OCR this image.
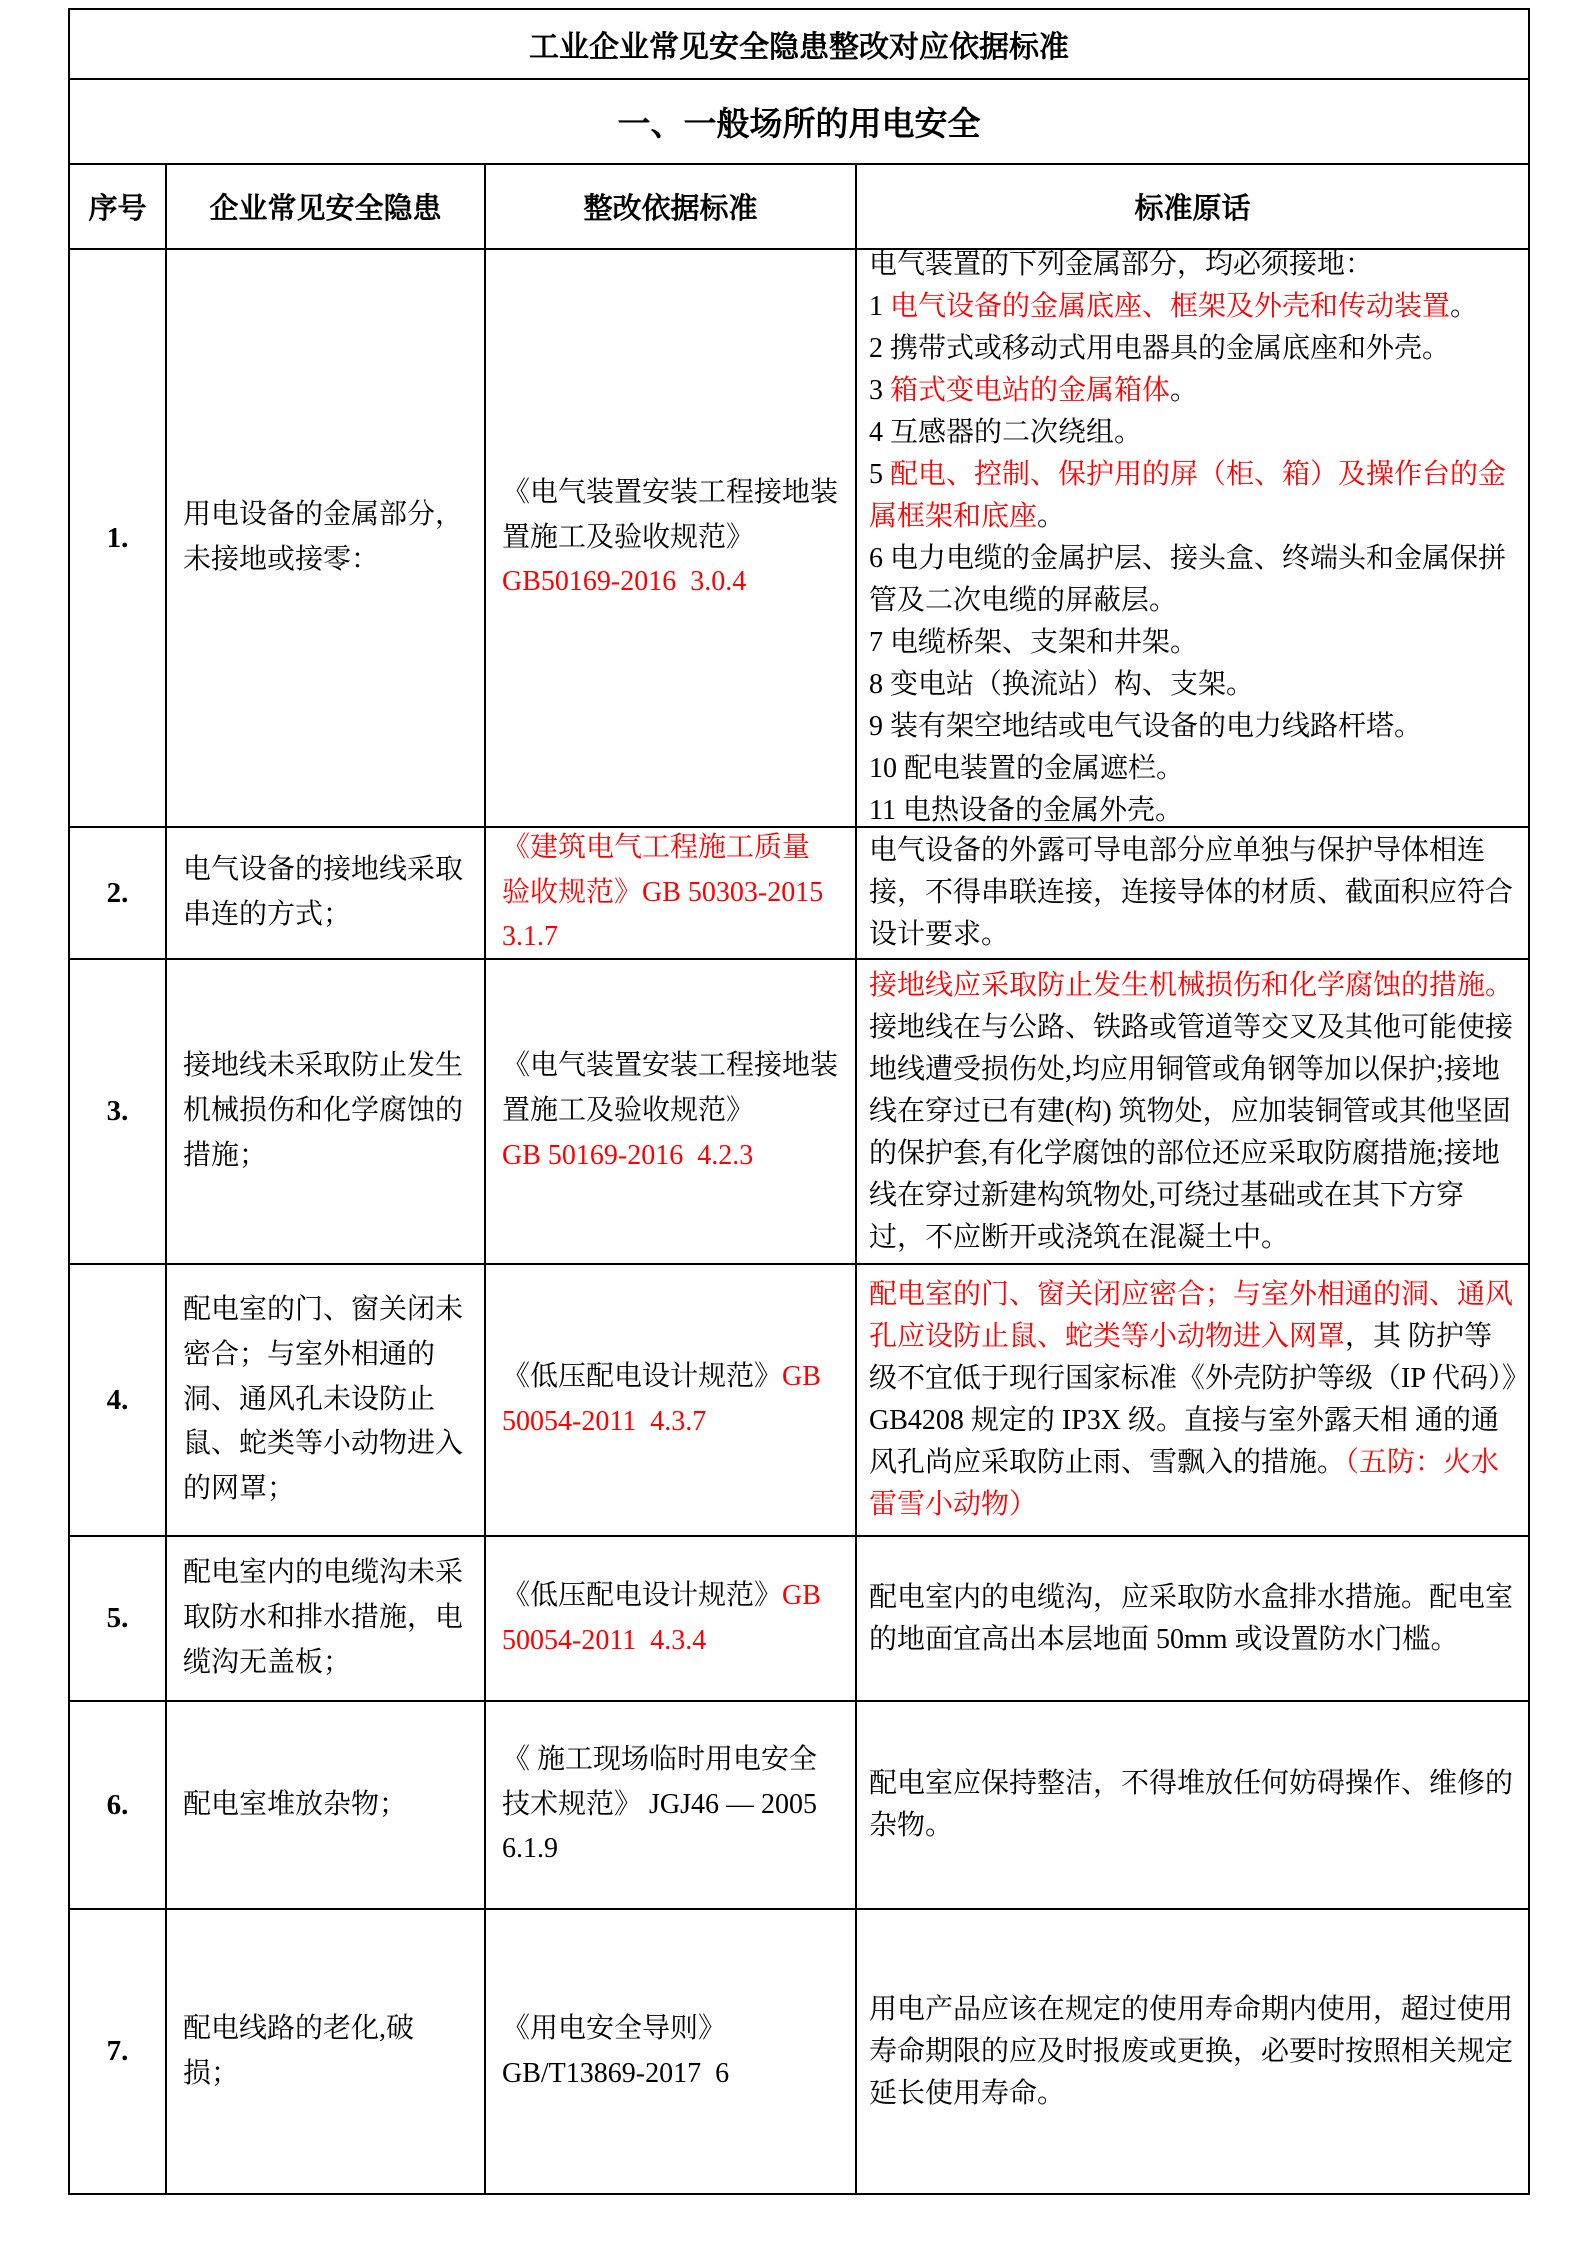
工业企业常见安全隐患整改对应依据标准
一、一般场所的用电安全
序号 企业常见安全隐患	整改依据标准	标准原话
1.
用电设备的金属部分，未接地或接零：
《电气装置安装工程接地装置施工及验收规范》
GB50169-2016  3.0.4
电气装置的下列金属部分，均必须接地：
1 电气设备的金属底座、框架及外壳和传动装置。
2 携带式或移动式用电器具的金属底座和外壳。
3 箱式变电站的金属箱体。
4 互感器的二次绕组。
5 配电、控制、保护用的屏（柜、箱）及操作台的金属框架和底座。
6 电力电缆的金属护层、接头盒、终端头和金属保拼管及二次电缆的屏蔽层。
7 电缆桥架、支架和井架。
8 变电站（换流站）构、支架。
9 装有架空地结或电气设备的电力线路杆塔。
10 配电装置的金属遮栏。
11 电热设备的金属外壳。
2.
电气设备的接地线采取串连的方式；
《建筑电气工程施工质量
验收规范》GB 50303-2015
3.1.7
电气设备的外露可导电部分应单独与保护导体相连接，不得串联连接，连接导体的材质、截面积应符合设计要求。
3.
接地线未采取防止发生机械损伤和化学腐蚀的措施；
《电气装置安装工程接地装置施工及验收规范》
GB 50169-2016  4.2.3
接地线应采取防止发生机械损伤和化学腐蚀的措施。接地线在与公路、铁路或管道等交叉及其他可能使接地线遭受损伤处,均应用铜管或角钢等加以保护;接地线在穿过已有建(构) 筑物处，应加装铜管或其他坚固的保护套,有化学腐蚀的部位还应采取防腐措施;接地线在穿过新建构筑物处,可绕过基础或在其下方穿过，不应断开或浇筑在混凝土中。
4.
配电室的门、窗关闭未密合；与室外相通的洞、通风孔未设防止鼠、蛇类等小动物进入的网罩；
《低压配电设计规范》GB 50054-2011  4.3.7
配电室的门、窗关闭应密合；与室外相通的洞、通风孔应设防止鼠、蛇类等小动物进入网罩，其 防护等级不宜低于现行国家标准《外壳防护等级（IP 代码）》GB4208 规定的 IP3X 级。直接与室外露天相 通的通风孔尚应采取防止雨、雪飘入的措施。（五防：火水雷雪小动物）
5.
配电室内的电缆沟未采取防水和排水措施，电缆沟无盖板；
《低压配电设计规范》GB 50054-2011  4.3.4
配电室内的电缆沟，应采取防水盒排水措施。配电室的地面宜高出本层地面 50mm 或设置防水门槛。
6. 配电室堆放杂物；
《 施工现场临时用电安全
技术规范》 JGJ46 — 2005
6.1.9
配电室应保持整洁，不得堆放任何妨碍操作、维修的杂物。
7.
配电线路的老化,破损；
《用电安全导则》
GB/T13869-2017  6
用电产品应该在规定的使用寿命期内使用，超过使用寿命期限的应及时报废或更换，必要时按照相关规定延长使用寿命。
